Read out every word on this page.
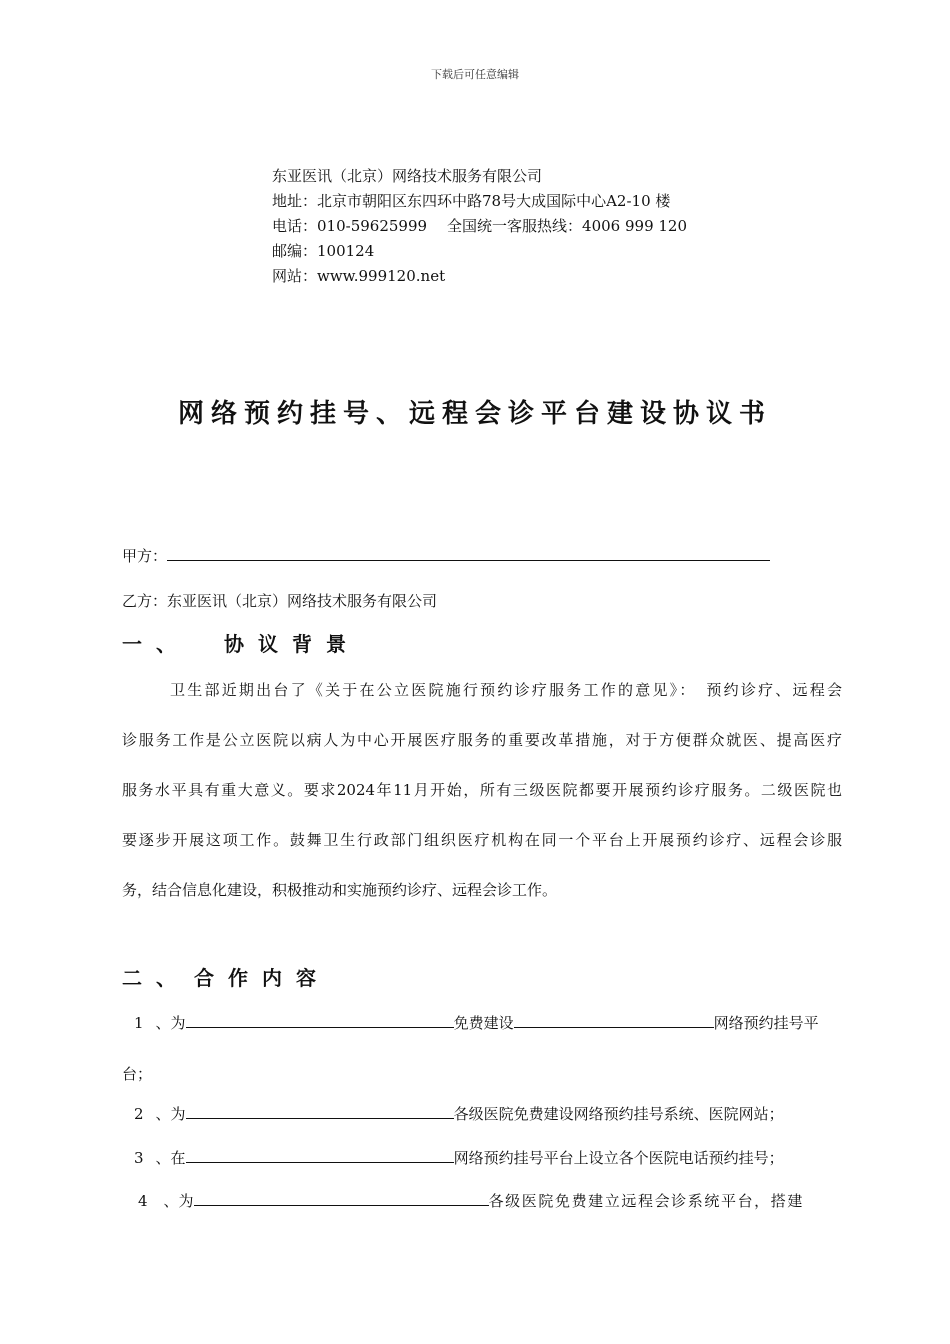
下载后可任意编辑
东亚医讯（北京）网络技术服务有限公司
地址：北京市朝阳区东四环中路78号大成国际中心A2-10 楼
电话：010-59625999 全国统一客服热线：4006 999 120
邮编：100124
网站：www.999120.net
网络预约挂号、远程会诊平台建设协议书
甲方：
乙方：东亚医讯（北京）网络技术服务有限公司
一、 协议背景

卫生部近期出台了《关于在公立医院施行预约诊疗服务工作的意见》：　预约诊疗、远程会

诊服务工作是公立医院以病人为中心开展医疗服务的重要改革措施，对于方便群众就医、提高医疗

服务水平具有重大意义。要求2024年11月开始，所有三级医院都要开展预约诊疗服务。二级医院也

要逐步开展这项工作。鼓舞卫生行政部门组织医疗机构在同一个平台上开展预约诊疗、远程会诊服

务，结合信息化建设，积极推动和实施预约诊疗、远程会诊工作。

二、 合作内容
1 、为	免费建设	网络预约挂号平
台；
2 、为	各级医院免费建设网络预约挂号系统、医院网站；
3 、在	网络预约挂号平台上设立各个医院电话预约挂号；
4 、为	各级医院免费建立远程会诊系统平台，搭建
